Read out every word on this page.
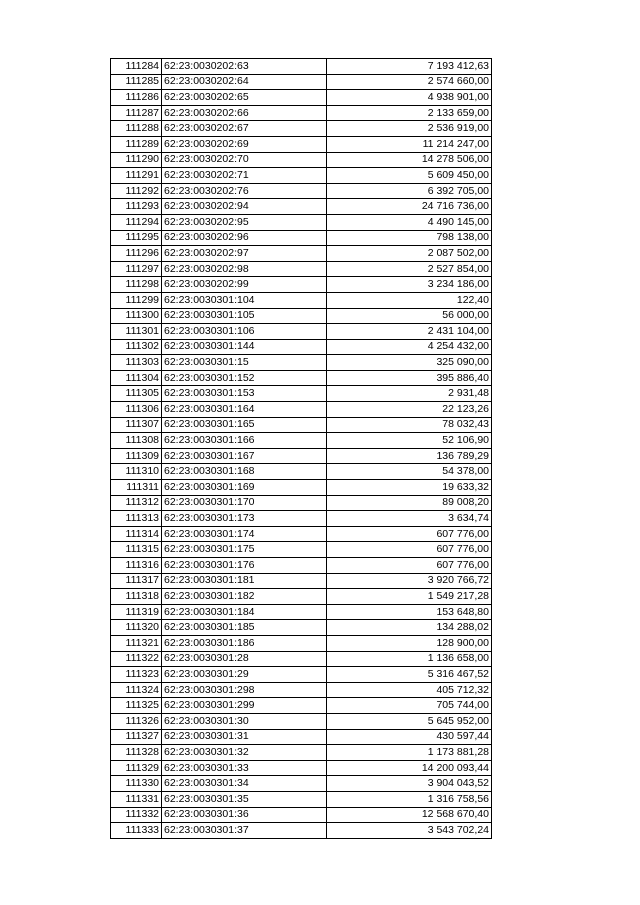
111284	62:23:0030202:63	7 193 412,63
111285	62:23:0030202:64	2 574 660,00
111286	62:23:0030202:65	4 938 901,00
111287	62:23:0030202:66	2 133 659,00
111288	62:23:0030202:67	2 536 919,00
111289	62:23:0030202:69	11 214 247,00
111290	62:23:0030202:70	14 278 506,00
111291	62:23:0030202:71	5 609 450,00
111292	62:23:0030202:76	6 392 705,00
111293	62:23:0030202:94	24 716 736,00
111294	62:23:0030202:95	4 490 145,00
111295	62:23:0030202:96	798 138,00
111296	62:23:0030202:97	2 087 502,00
111297	62:23:0030202:98	2 527 854,00
111298	62:23:0030202:99	3 234 186,00
111299	62:23:0030301:104	122,40
111300	62:23:0030301:105	56 000,00
111301	62:23:0030301:106	2 431 104,00
111302	62:23:0030301:144	4 254 432,00
111303	62:23:0030301:15	325 090,00
111304	62:23:0030301:152	395 886,40
111305	62:23:0030301:153	2 931,48
111306	62:23:0030301:164	22 123,26
111307	62:23:0030301:165	78 032,43
111308	62:23:0030301:166	52 106,90
111309	62:23:0030301:167	136 789,29
111310	62:23:0030301:168	54 378,00
111311	62:23:0030301:169	19 633,32
111312	62:23:0030301:170	89 008,20
111313	62:23:0030301:173	3 634,74
111314	62:23:0030301:174	607 776,00
111315	62:23:0030301:175	607 776,00
111316	62:23:0030301:176	607 776,00
111317	62:23:0030301:181	3 920 766,72
111318	62:23:0030301:182	1 549 217,28
111319	62:23:0030301:184	153 648,80
111320	62:23:0030301:185	134 288,02
111321	62:23:0030301:186	128 900,00
111322	62:23:0030301:28	1 136 658,00
111323	62:23:0030301:29	5 316 467,52
111324	62:23:0030301:298	405 712,32
111325	62:23:0030301:299	705 744,00
111326	62:23:0030301:30	5 645 952,00
111327	62:23:0030301:31	430 597,44
111328	62:23:0030301:32	1 173 881,28
111329	62:23:0030301:33	14 200 093,44
111330	62:23:0030301:34	3 904 043,52
111331	62:23:0030301:35	1 316 758,56
111332	62:23:0030301:36	12 568 670,40
111333	62:23:0030301:37	3 543 702,24
